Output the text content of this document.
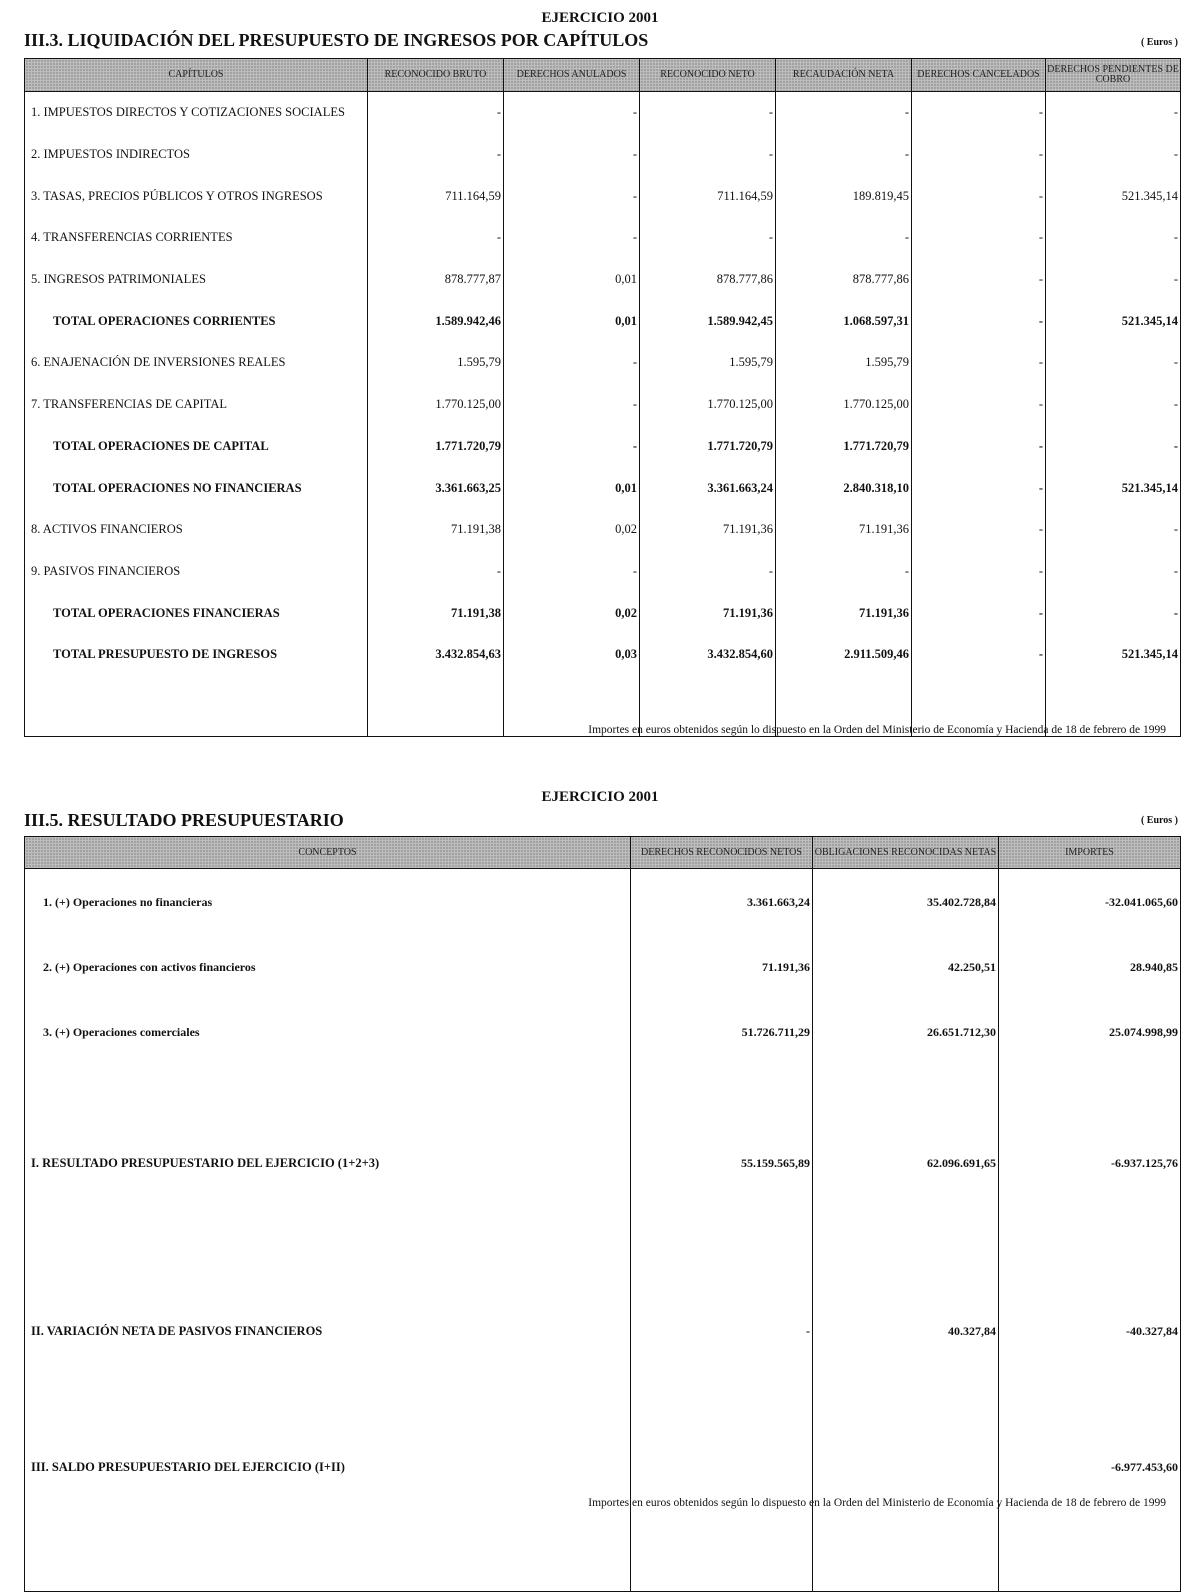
EJERCICIO 2001
III.3. LIQUIDACIÓN DEL PRESUPUESTO DE INGRESOS POR CAPÍTULOS	( Euros )
CAPÍTULOS	RECONOCIDO BRUTO	DERECHOS ANULADOS	RECONOCIDO NETO	RECAUDACIÓN NETA	DERECHOS CANCELADOS	DERECHOS PENDIENTES DE COBRO
1. IMPUESTOS DIRECTOS Y COTIZACIONES SOCIALES	-	-	-	-	-	-
2. IMPUESTOS INDIRECTOS	-	-	-	-	-	-
3. TASAS, PRECIOS PÚBLICOS Y OTROS INGRESOS	711.164,59	-	711.164,59	189.819,45	-	521.345,14
4. TRANSFERENCIAS CORRIENTES	-	-	-	-	-	-
5. INGRESOS PATRIMONIALES	878.777,87	0,01	878.777,86	878.777,86	-	-
TOTAL OPERACIONES CORRIENTES	1.589.942,46	0,01	1.589.942,45	1.068.597,31	-	521.345,14
6. ENAJENACIÓN DE INVERSIONES REALES	1.595,79	-	1.595,79	1.595,79	-	-
7. TRANSFERENCIAS DE CAPITAL	1.770.125,00	-	1.770.125,00	1.770.125,00	-	-
TOTAL OPERACIONES DE CAPITAL	1.771.720,79	-	1.771.720,79	1.771.720,79	-	-
TOTAL OPERACIONES NO FINANCIERAS	3.361.663,25	0,01	3.361.663,24	2.840.318,10	-	521.345,14
8. ACTIVOS FINANCIEROS	71.191,38	0,02	71.191,36	71.191,36	-	-
9. PASIVOS FINANCIEROS	-	-	-	-	-	-
TOTAL OPERACIONES FINANCIERAS	71.191,38	0,02	71.191,36	71.191,36	-	-
TOTAL PRESUPUESTO DE INGRESOS	3.432.854,63	0,03	3.432.854,60	2.911.509,46	-	521.345,14

Importes en euros obtenidos según lo dispuesto en la Orden del Ministerio de Economía y Hacienda de 18 de febrero de 1999
EJERCICIO 2001
III.5. RESULTADO PRESUPUESTARIO	( Euros )
CONCEPTOS	DERECHOS RECONOCIDOS NETOS	OBLIGACIONES RECONOCIDAS NETAS	IMPORTES
1. (+) Operaciones no financieras	3.361.663,24	35.402.728,84	-32.041.065,60
2. (+) Operaciones con activos financieros	71.191,36	42.250,51	28.940,85
3. (+) Operaciones comerciales	51.726.711,29	26.651.712,30	25.074.998,99
I. RESULTADO PRESUPUESTARIO DEL EJERCICIO (1+2+3)	55.159.565,89	62.096.691,65	-6.937.125,76
II. VARIACIÓN NETA DE PASIVOS FINANCIEROS	-	40.327,84	-40.327,84
III. SALDO PRESUPUESTARIO DEL EJERCICIO (I+II)			-6.977.453,60

Importes en euros obtenidos según lo dispuesto en la Orden del Ministerio de Economía y Hacienda de 18 de febrero de 1999
